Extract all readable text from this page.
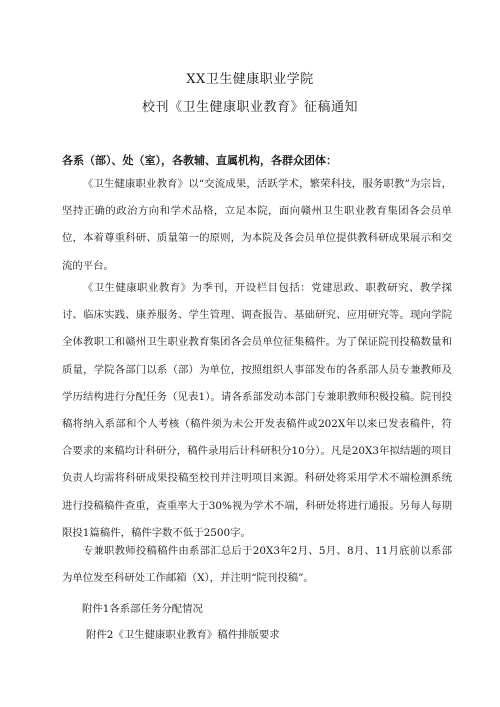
XX卫生健康职业学院
校刊《卫生健康职业教育》征稿通知
各系（部）、处（室），各教辅、直属机构，各群众团体：

《卫生健康职业教育》以“交流成果，活跃学术，繁荣科技，服务职教”为宗旨，坚持正确的政治方向和学术品格，立足本院，面向赣州卫生职业教育集团各会员单位，本着尊重科研、质量第一的原则，为本院及各会员单位提供教科研成果展示和交流的平台。

《卫生健康职业教育》为季刊，开设栏目包括：党建思政、职教研究、教学探讨、临床实践、康养服务、学生管理、调查报告、基础研究、应用研究等。现向学院全体教职工和赣州卫生职业教育集团各会员单位征集稿件。为了保证院刊投稿数量和质量，学院各部门以系（部）为单位，按照组织人事部发布的各系部人员专兼教师及学历结构进行分配任务（见表1）。请各系部发动本部门专兼职教师积极投稿。院刊投稿将纳入系部和个人考核（稿件须为未公开发表稿件或202X年以来已发表稿件，符合要求的来稿均计科研分，稿件录用后计科研积分10分）。凡是20X3年拟结题的项目负责人均需将科研成果投稿至校刊并注明项目来源。科研处将采用学术不端检测系统进行投稿稿件查重，查重率大于30%视为学术不端，科研处将进行通报。另每人每期限投1篇稿件，稿件字数不低于2500字。

专兼职教师投稿稿件由系部汇总后于20X3年2月、5月、8月、11月底前以系部为单位发至科研处工作邮箱（X），并注明“院刊投稿”。

附件1各系部任务分配情况
附件2《卫生健康职业教育》稿件排版要求
